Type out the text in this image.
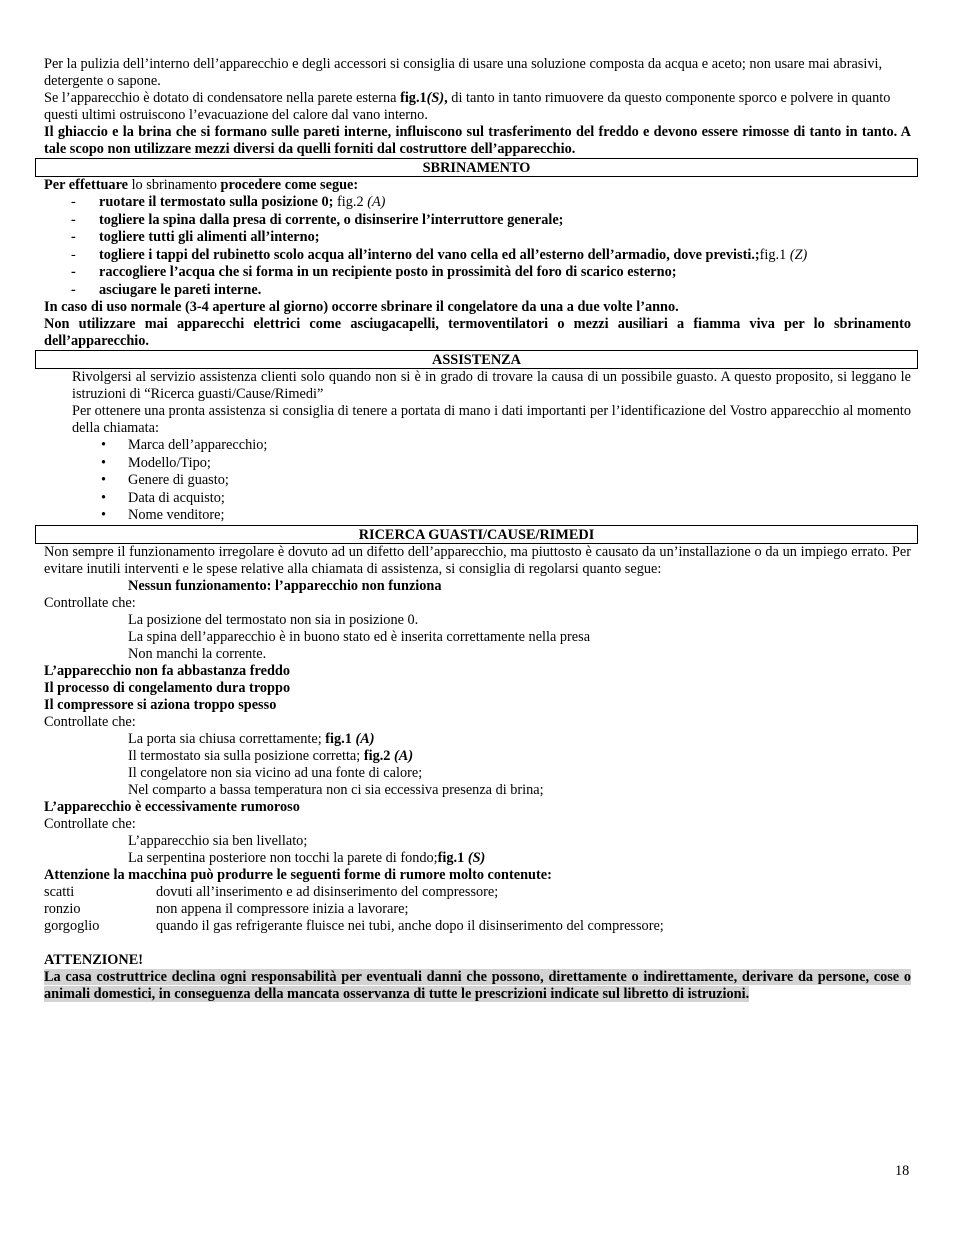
Per la pulizia dell’interno dell’apparecchio e degli accessori si consiglia di usare una soluzione composta da acqua e aceto; non usare mai abrasivi, detergente o sapone.

Se l’apparecchio è dotato di condensatore nella parete esterna fig.1(S), di tanto in tanto rimuovere da questo componente sporco e polvere in quanto questi ultimi ostruiscono l’evacuazione del calore dal vano interno.

Il ghiaccio e la brina che si formano sulle pareti interne, influiscono sul trasferimento del freddo e devono essere rimosse di tanto in tanto. A tale scopo non utilizzare mezzi diversi da quelli forniti dal costruttore dell’apparecchio.

SBRINAMENTO

Per effettuare lo sbrinamento procedere come segue:

- ruotare il termostato sulla posizione 0; fig.2 (A)
- togliere la spina dalla presa di corrente, o disinserire l’interruttore generale;
- togliere tutti gli alimenti all’interno;
- togliere i tappi del rubinetto scolo acqua all’interno del vano cella ed all’esterno dell’armadio, dove previsti.;fig.1 (Z)
- raccogliere l’acqua che si forma in un recipiente posto in prossimità del foro di scarico esterno;
- asciugare le pareti interne.

In caso di uso normale (3-4 aperture al giorno) occorre sbrinare il congelatore da una a due volte l’anno.

Non utilizzare mai apparecchi elettrici come asciugacapelli, termoventilatori o mezzi ausiliari a fiamma viva per lo sbrinamento dell’apparecchio.

ASSISTENZA

Rivolgersi al servizio assistenza clienti solo quando non si è in grado di trovare la causa di un possibile guasto. A questo proposito, si leggano le istruzioni di “Ricerca guasti/Cause/Rimedi”

Per ottenere una pronta assistenza si consiglia di tenere a portata di mano i dati importanti per l’identificazione del Vostro apparecchio al momento della chiamata:

• Marca dell’apparecchio;
• Modello/Tipo;
• Genere di guasto;
• Data di acquisto;
• Nome venditore;
RICERCA GUASTI/CAUSE/RIMEDI

Non sempre il funzionamento irregolare è dovuto ad un difetto dell’apparecchio, ma piuttosto è causato da un’installazione o da un impiego errato. Per evitare inutili interventi e le spese relative alla chiamata di assistenza, si consiglia di regolarsi quanto segue:

Nessun funzionamento: l’apparecchio non funziona

Controllate che:

La posizione del termostato non sia in posizione 0.

La spina dell’apparecchio è in buono stato ed è inserita correttamente nella presa

Non manchi la corrente.

L’apparecchio non fa abbastanza freddo

Il processo di congelamento dura troppo

Il compressore si aziona troppo spesso

Controllate che:

La porta sia chiusa correttamente; fig.1 (A)

Il termostato sia sulla posizione corretta; fig.2 (A)

Il congelatore non sia vicino ad una fonte di calore;

Nel comparto a bassa temperatura non ci sia eccessiva presenza di brina;

L’apparecchio è eccessivamente rumoroso

Controllate che:

L’apparecchio sia ben livellato;

La serpentina posteriore non tocchi la parete di fondo;fig.1 (S)

Attenzione la macchina può produrre le seguenti forme di rumore molto contenute:

scatti	dovuti all’inserimento e ad disinserimento del compressore;
ronzio	non appena il compressore inizia a lavorare;
gorgoglio	quando il gas refrigerante fluisce nei tubi, anche dopo il disinserimento del compressore;

ATTENZIONE!

La casa costruttrice declina ogni responsabilità per eventuali danni che possono, direttamente o indirettamente, derivare da persone, cose o animali domestici, in conseguenza della mancata osservanza di tutte le prescrizioni indicate sul libretto di istruzioni.

18
